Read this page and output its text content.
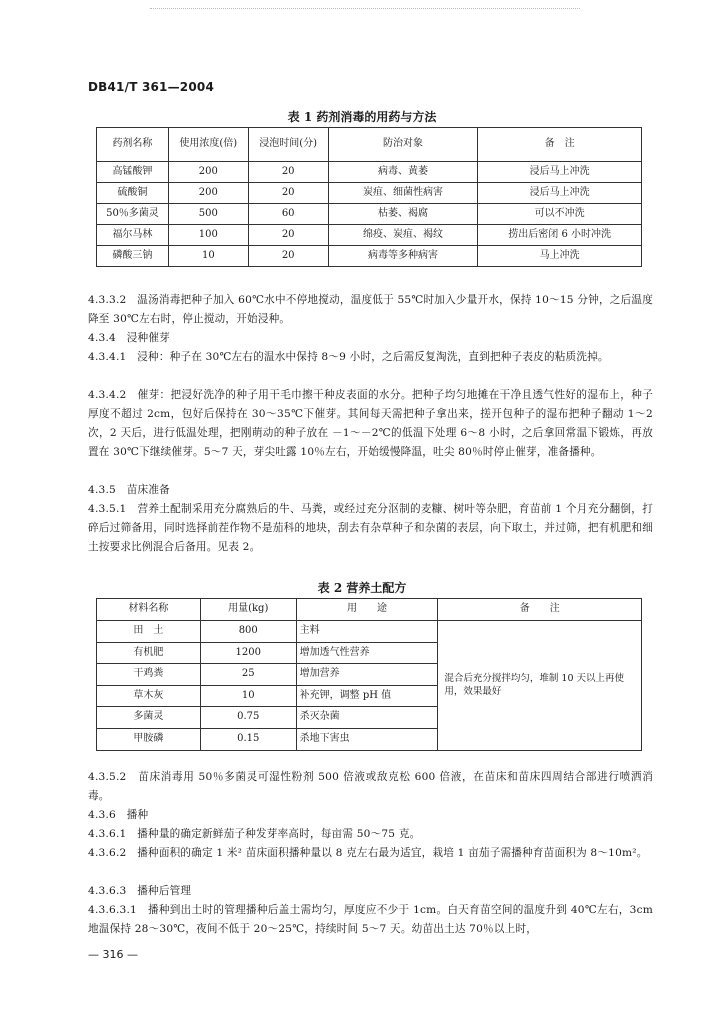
DB41/T 361—2004
表 1 药剂消毒的用药与方法
药剂名称	使用浓度(倍)	浸泡时间(分)	防治对象	备　注
高锰酸钾	200	20	病毒、黄萎	浸后马上冲洗
硫酸铜	200	20	炭疽、细菌性病害	浸后马上冲洗
50％多菌灵	500	60	枯萎、褐腐	可以不冲洗
福尔马林	100	20	绵疫、炭疽、褐纹	捞出后密闭 6 小时冲洗
磷酸三钠	10	20	病毒等多种病害	马上冲洗
4.3.3.2　温汤消毒把种子加入 60℃水中不停地搅动，温度低于 55℃时加入少量开水，保持 10～15 分钟，之后温度降至 30℃左右时，停止搅动，开始浸种。
4.3.4　浸种催芽
4.3.4.1　浸种：种子在 30℃左右的温水中保持 8～9 小时，之后需反复淘洗，直到把种子表皮的粘质洗掉。
4.3.4.2　催芽：把浸好洗净的种子用干毛巾擦干种皮表面的水分。把种子均匀地摊在干净且透气性好的湿布上，种子厚度不超过 2cm，包好后保持在 30～35℃下催芽。其间每天需把种子拿出来，搓开包种子的湿布把种子翻动 1～2 次，2 天后，进行低温处理，把刚萌动的种子放在 －1～－2℃的低温下处理 6～8 小时，之后拿回常温下锻炼，再放置在 30℃下继续催芽。5～7 天，芽尖吐露 10％左右，开始缓慢降温，吐尖 80％时停止催芽，准备播种。
4.3.5　苗床准备
4.3.5.1　营养土配制采用充分腐熟后的牛、马粪，或经过充分沤制的麦糠、树叶等杂肥，育苗前 1 个月充分翻倒，打碎后过筛备用，同时选择前茬作物不是茄科的地块，刮去有杂草种子和杂菌的表层，向下取土，并过筛，把有机肥和细土按要求比例混合后备用。见表 2。
表 2 营养土配方
材料名称	用量(kg)	用　　途	备　　注
田　土	800	主料	混合后充分搅拌均匀，堆制 10 天以上再使用，效果最好
有机肥	1200	增加透气性营养	
干鸡粪	25	增加营养	
草木灰	10	补充钾，调整 pH 值	
多菌灵	0.75	杀灭杂菌	
甲胺磷	0.15	杀地下害虫	
4.3.5.2　苗床消毒用 50％多菌灵可湿性粉剂 500 倍液或敌克松 600 倍液，在苗床和苗床四周结合部进行喷洒消毒。
4.3.6　播种
4.3.6.1　播种量的确定新鲜茄子种发芽率高时，每亩需 50～75 克。
4.3.6.2　播种面积的确定 1 米² 苗床面积播种量以 8 克左右最为适宜，栽培 1 亩茄子需播种育苗面积为 8～10m²。
4.3.6.3　播种后管理
4.3.6.3.1　播种到出土时的管理播种后盖土需均匀，厚度应不少于 1cm。白天育苗空间的温度升到 40℃左右，3cm 地温保持 28～30℃，夜间不低于 20～25℃，持续时间 5～7 天。幼苗出土达 70％以上时，
— 316 —
